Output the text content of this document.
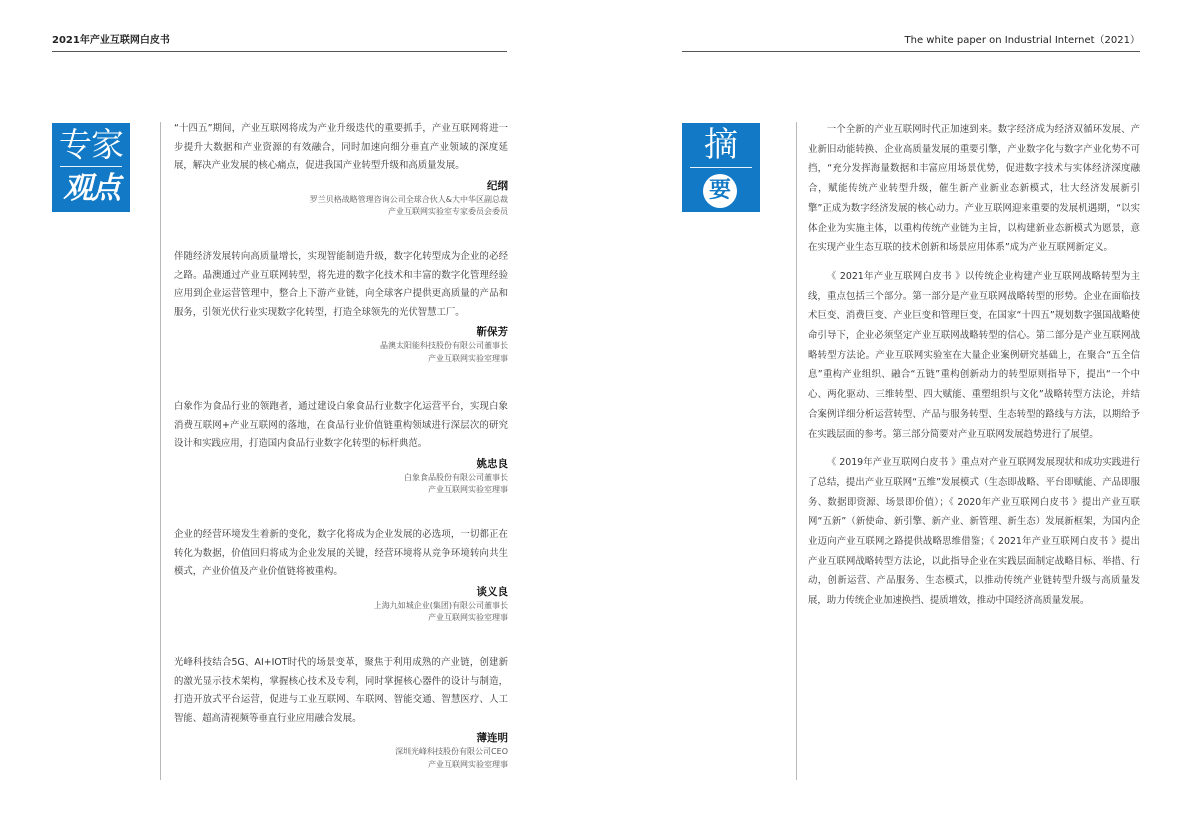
2021年产业互联网白皮书	The white paper on Industrial Internet（2021）
专家
观点

“十四五”期间，产业互联网将成为产业升级迭代的重要抓手，产业互联网将进一步提升大数据和产业资源的有效融合，同时加速向细分垂直产业领域的深度延展，解决产业发展的核心痛点，促进我国产业转型升级和高质量发展。

纪纲
罗兰贝格战略管理咨询公司全球合伙人&大中华区副总裁
产业互联网实验室专家委员会委员

伴随经济发展转向高质量增长，实现智能制造升级，数字化转型成为企业的必经之路。晶澳通过产业互联网转型，将先进的数字化技术和丰富的数字化管理经验应用到企业运营管理中，整合上下游产业链，向全球客户提供更高质量的产品和服务，引领光伏行业实现数字化转型，打造全球领先的光伏智慧工厂。

靳保芳
晶澳太阳能科技股份有限公司董事长
产业互联网实验室理事

白象作为食品行业的领跑者，通过建设白象食品行业数字化运营平台，实现白象消费互联网+产业互联网的落地，在食品行业价值链重构领域进行深层次的研究设计和实践应用，打造国内食品行业数字化转型的标杆典范。

姚忠良
白象食品股份有限公司董事长
产业互联网实验室理事

企业的经营环境发生着新的变化，数字化将成为企业发展的必选项，一切都正在转化为数据，价值回归将成为企业发展的关键，经营环境将从竞争环境转向共生模式，产业价值及产业价值链将被重构。

谈义良
上海九如城企业(集团)有限公司董事长
产业互联网实验室理事

光峰科技结合5G、AI+IOT时代的场景变革，聚焦于利用成熟的产业链，创建新的激光显示技术架构，掌握核心技术及专利，同时掌握核心器件的设计与制造，打造开放式平台运营，促进与工业互联网、车联网、智能交通、智慧医疗、人工智能、超高清视频等垂直行业应用融合发展。

薄连明
深圳光峰科技股份有限公司CEO
产业互联网实验室理事
摘
要

一个全新的产业互联网时代正加速到来。数字经济成为经济双循环发展、产业新旧动能转换、企业高质量发展的重要引擎，产业数字化与数字产业化势不可挡，“充分发挥海量数据和丰富应用场景优势，促进数字技术与实体经济深度融合，赋能传统产业转型升级，催生新产业新业态新模式，壮大经济发展新引擎”正成为数字经济发展的核心动力。产业互联网迎来重要的发展机遇期，“以实体企业为实施主体，以重构传统产业链为主旨，以构建新业态新模式为愿景，意在实现产业生态互联的技术创新和场景应用体系”成为产业互联网新定义。

《 2021年产业互联网白皮书 》以传统企业构建产业互联网战略转型为主线，重点包括三个部分。第一部分是产业互联网战略转型的形势。企业在面临技术巨变、消费巨变、产业巨变和管理巨变，在国家“十四五”规划数字强国战略使命引导下，企业必须坚定产业互联网战略转型的信心。第二部分是产业互联网战略转型方法论。产业互联网实验室在大量企业案例研究基础上，在聚合“五全信息”重构产业组织、融合“五链”重构创新动力的转型原则指导下，提出“一个中心、两化驱动、三维转型、四大赋能、重塑组织与文化”战略转型方法论，并结合案例详细分析运营转型、产品与服务转型、生态转型的路线与方法，以期给予在实践层面的参考。第三部分简要对产业互联网发展趋势进行了展望。

《 2019年产业互联网白皮书 》重点对产业互联网发展现状和成功实践进行了总结，提出产业互联网“五维”发展模式（生态即战略、平台即赋能、产品即服务、数据即资源、场景即价值）；《 2020年产业互联网白皮书 》提出产业互联网“五新”（新使命、新引擎、新产业、新管理、新生态）发展新框架，为国内企业迈向产业互联网之路提供战略思维借鉴；《 2021年产业互联网白皮书 》提出产业互联网战略转型方法论，以此指导企业在实践层面制定战略目标、举措、行动，创新运营、产品服务、生态模式，以推动传统产业链转型升级与高质量发展，助力传统企业加速换挡、提质增效，推动中国经济高质量发展。
